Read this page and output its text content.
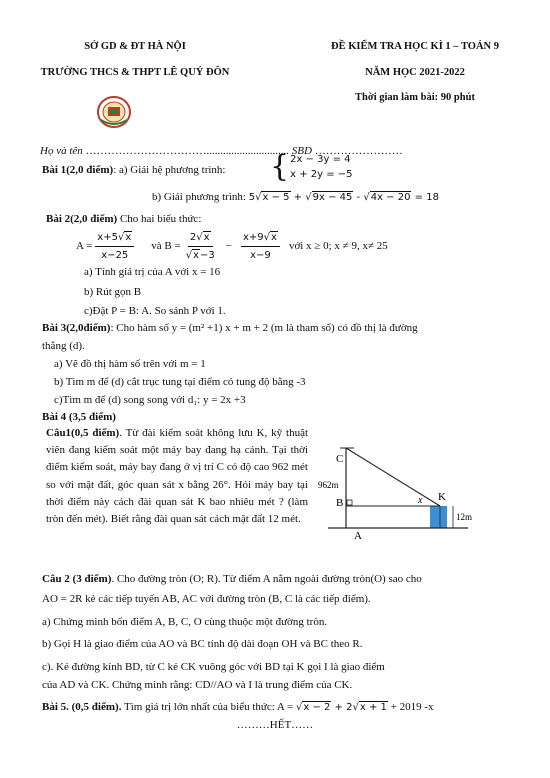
SỞ GD & ĐT HÀ NỘI
TRƯỜNG THCS & THPT LÊ QUÝ ĐÔN
ĐỀ KIỂM TRA HỌC KÌ 1 – TOÁN 9
NĂM HỌC 2021-2022
Thời gian làm bài: 90 phút
Họ và tên …………………………….............................. SBD ……………………
Bài 1(2,0 điểm): a) Giải hệ phương trình: { 2x − 3y = 4
x + 2y = −5
b) Giải phương trình: 5√x − 5 + √9x − 45 - √4x − 20 = 18
Bài 2(2,0 điểm) Cho hai biểu thức:
$A = \frac{x+5√x}{x-25}$ và $B = \frac{2√x}{√x-3} - \frac{x+9√x}{x-9}$ với x ≥ 0; x ≠ 9, x≠ 25
a) Tính giá trị của A với x = 16
b) Rút gọn B
c)Đặt P = B: A. So sánh P với 1.
Bài 3(2,0điểm): Cho hàm số y = (m² +1) x + m + 2 (m là tham số) có đồ thị là đường
thẳng (d).
a) Vẽ đồ thị hàm số trên với m = 1
b) Tìm m để (d) cắt trục tung tại điểm có tung độ bằng -3
c)Tìm m để (d) song song với d₁: y = 2x +3
Bài 4 (3,5 điểm)
Câu1(0,5 điểm). Từ đài kiểm soát không lưu K, kỹ thuật viên đang kiểm soát một máy bay đang hạ cánh. Tại thời điểm kiểm soát, máy bay đang ở vị trí C có độ cao 962 mét so với mặt đất, góc quan sát x bằng 26°. Hỏi máy bay tại thời điểm này cách đài quan sát K bao nhiêu mét ? (làm tròn đến mét). Biết rằng đài quan sát cách mặt đất 12 mét.
C
B
A
K
x
962m
12m
Câu 2 (3 điểm). Cho đường tròn (O; R). Từ điểm A nằm ngoài đường tròn(O) sao cho
AO = 2R kẻ các tiếp tuyến AB, AC với đường tròn (B, C là các tiếp điểm).
a) Chứng minh bốn điểm A, B, C, O cùng thuộc một đường tròn.
b) Gọi H là giao điểm của AO và BC tính độ dài đoạn OH và BC theo R.
c). Kẻ đường kính BD, từ C kẻ CK vuông góc với BD tại K gọi I là giao điểm
của AD và CK. Chứng minh rằng: CD//AO và I là trung điểm của CK.
Bài 5. (0,5 điểm). Tìm giá trị lớn nhất của biểu thức: A = √x − 2 + 2√x + 1 + 2019 -x
………HẾT……
